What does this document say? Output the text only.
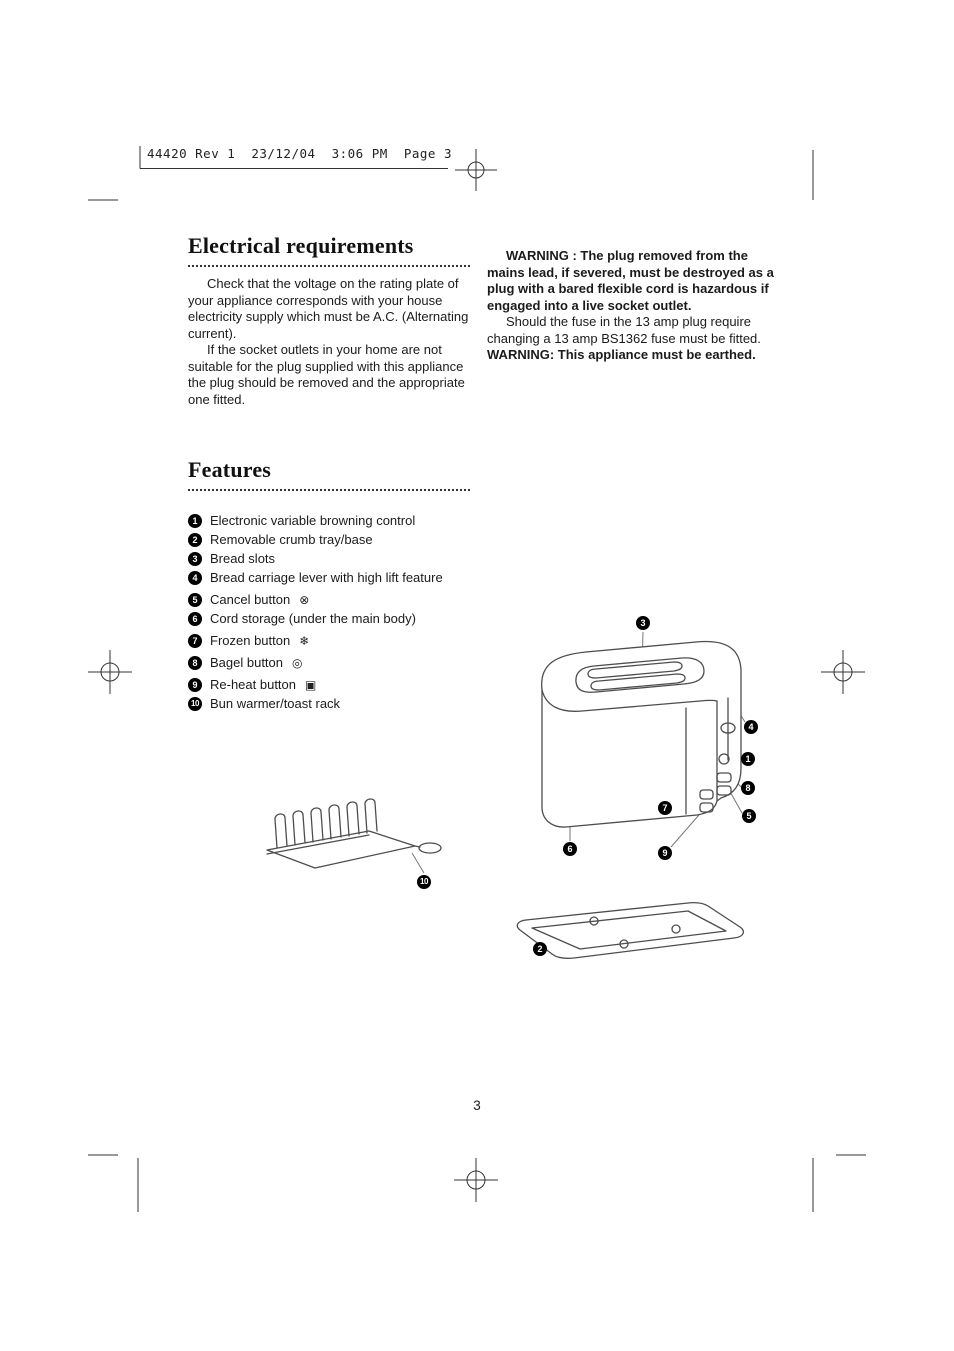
44420 Rev 1  23/12/04  3:06 PM  Page 3
Electrical requirements

Check that the voltage on the rating plate of your appliance corresponds with your house electricity supply which must be A.C. (Alternating current).

If the socket outlets in your home are not suitable for the plug supplied with this appliance the plug should be removed and the appropriate one fitted.

WARNING : The plug removed from the mains lead, if severed, must be destroyed as a plug with a bared flexible cord is hazardous if engaged into a live socket outlet.

Should the fuse in the 13 amp plug require changing a 13 amp BS1362 fuse must be fitted.

WARNING: This appliance must be earthed.

Features
1 Electronic variable browning control
2 Removable crumb tray/base
3 Bread slots
4 Bread carriage lever with high lift feature
5 Cancel button ⊗
6 Cord storage (under the main body)
7 Frozen button ❄
8 Bagel button ◎
9 Re-heat button ▣
10 Bun warmer/toast rack
3
4
1
8
5
7
9
6
2
10
3
